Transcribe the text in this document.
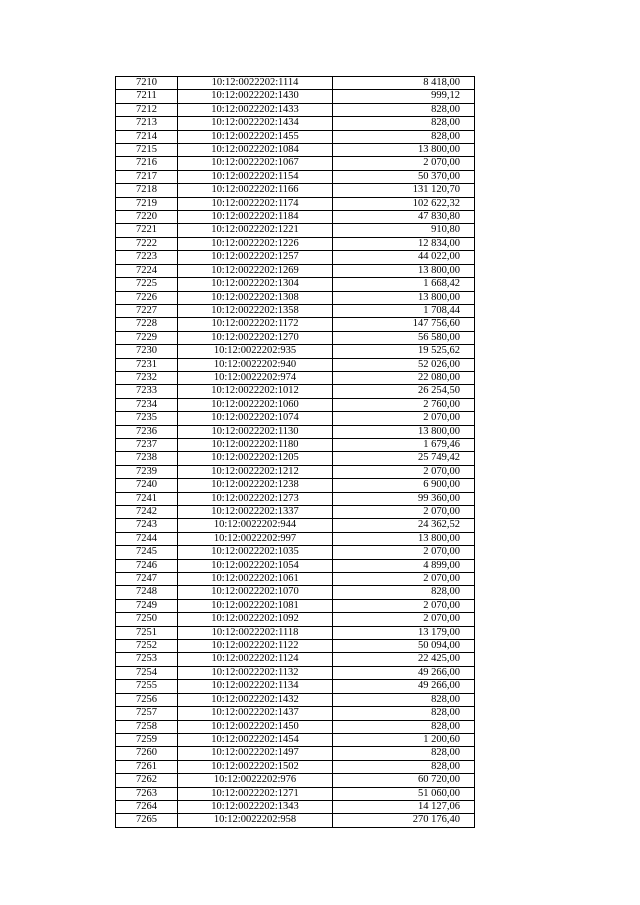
7210	10:12:0022202:1114	8 418,00
7211	10:12:0022202:1430	999,12
7212	10:12:0022202:1433	828,00
7213	10:12:0022202:1434	828,00
7214	10:12:0022202:1455	828,00
7215	10:12:0022202:1084	13 800,00
7216	10:12:0022202:1067	2 070,00
7217	10:12:0022202:1154	50 370,00
7218	10:12:0022202:1166	131 120,70
7219	10:12:0022202:1174	102 622,32
7220	10:12:0022202:1184	47 830,80
7221	10:12:0022202:1221	910,80
7222	10:12:0022202:1226	12 834,00
7223	10:12:0022202:1257	44 022,00
7224	10:12:0022202:1269	13 800,00
7225	10:12:0022202:1304	1 668,42
7226	10:12:0022202:1308	13 800,00
7227	10:12:0022202:1358	1 708,44
7228	10:12:0022202:1172	147 756,60
7229	10:12:0022202:1270	56 580,00
7230	10:12:0022202:935	19 525,62
7231	10:12:0022202:940	52 026,00
7232	10:12:0022202:974	22 080,00
7233	10:12:0022202:1012	26 254,50
7234	10:12:0022202:1060	2 760,00
7235	10:12:0022202:1074	2 070,00
7236	10:12:0022202:1130	13 800,00
7237	10:12:0022202:1180	1 679,46
7238	10:12:0022202:1205	25 749,42
7239	10:12:0022202:1212	2 070,00
7240	10:12:0022202:1238	6 900,00
7241	10:12:0022202:1273	99 360,00
7242	10:12:0022202:1337	2 070,00
7243	10:12:0022202:944	24 362,52
7244	10:12:0022202:997	13 800,00
7245	10:12:0022202:1035	2 070,00
7246	10:12:0022202:1054	4 899,00
7247	10:12:0022202:1061	2 070,00
7248	10:12:0022202:1070	828,00
7249	10:12:0022202:1081	2 070,00
7250	10:12:0022202:1092	2 070,00
7251	10:12:0022202:1118	13 179,00
7252	10:12:0022202:1122	50 094,00
7253	10:12:0022202:1124	22 425,00
7254	10:12:0022202:1132	49 266,00
7255	10:12:0022202:1134	49 266,00
7256	10:12:0022202:1432	828,00
7257	10:12:0022202:1437	828,00
7258	10:12:0022202:1450	828,00
7259	10:12:0022202:1454	1 200,60
7260	10:12:0022202:1497	828,00
7261	10:12:0022202:1502	828,00
7262	10:12:0022202:976	60 720,00
7263	10:12:0022202:1271	51 060,00
7264	10:12:0022202:1343	14 127,06
7265	10:12:0022202:958	270 176,40
